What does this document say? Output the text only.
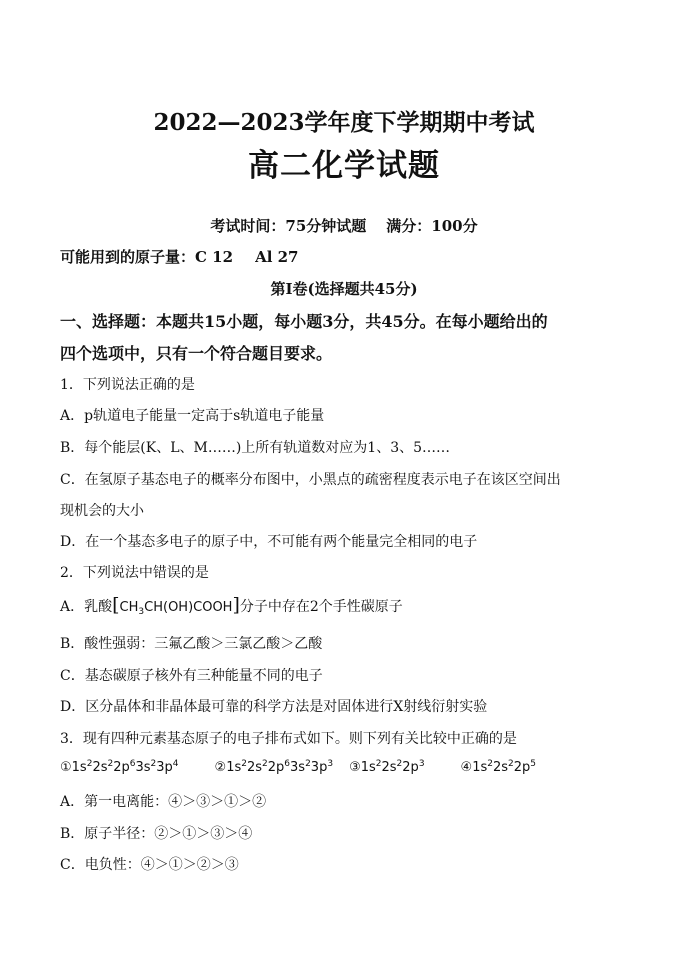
2022—2023学年度下学期期中考试
高二化学试题
考试时间：75分钟试题 满分：100分
可能用到的原子量：C 12 Al 27
第Ⅰ卷(选择题共45分)
一、选择题：本题共15小题，每小题3分，共45分。在每小题给出的
四个选项中，只有一个符合题目要求。
1．下列说法正确的是
A．p轨道电子能量一定高于s轨道电子能量
B．每个能层(K、L、M……)上所有轨道数对应为1、3、5……
C．在氢原子基态电子的概率分布图中，小黑点的疏密程度表示电子在该区空间出
现机会的大小
D．在一个基态多电子的原子中，不可能有两个能量完全相同的电子
2．下列说法中错误的是
A．乳酸$[CH_3CH(OH)COOH]$分子中存在2个手性碳原子
B．酸性强弱：三氟乙酸＞三氯乙酸＞乙酸
C．基态碳原子核外有三种能量不同的电子
D．区分晶体和非晶体最可靠的科学方法是对固体进行X射线衍射实验
3．现有四种元素基态原子的电子排布式如下。则下列有关比较中正确的是
$①1s^22s^22p^63s^23p^4$	$②1s^22s^22p^63s^23p^3$ $③1s^22s^22p^3$	$④1s^22s^22p^5$
A．第一电离能：④＞③＞①＞②
B．原子半径：②＞①＞③＞④
C．电负性：④＞①＞②＞③
